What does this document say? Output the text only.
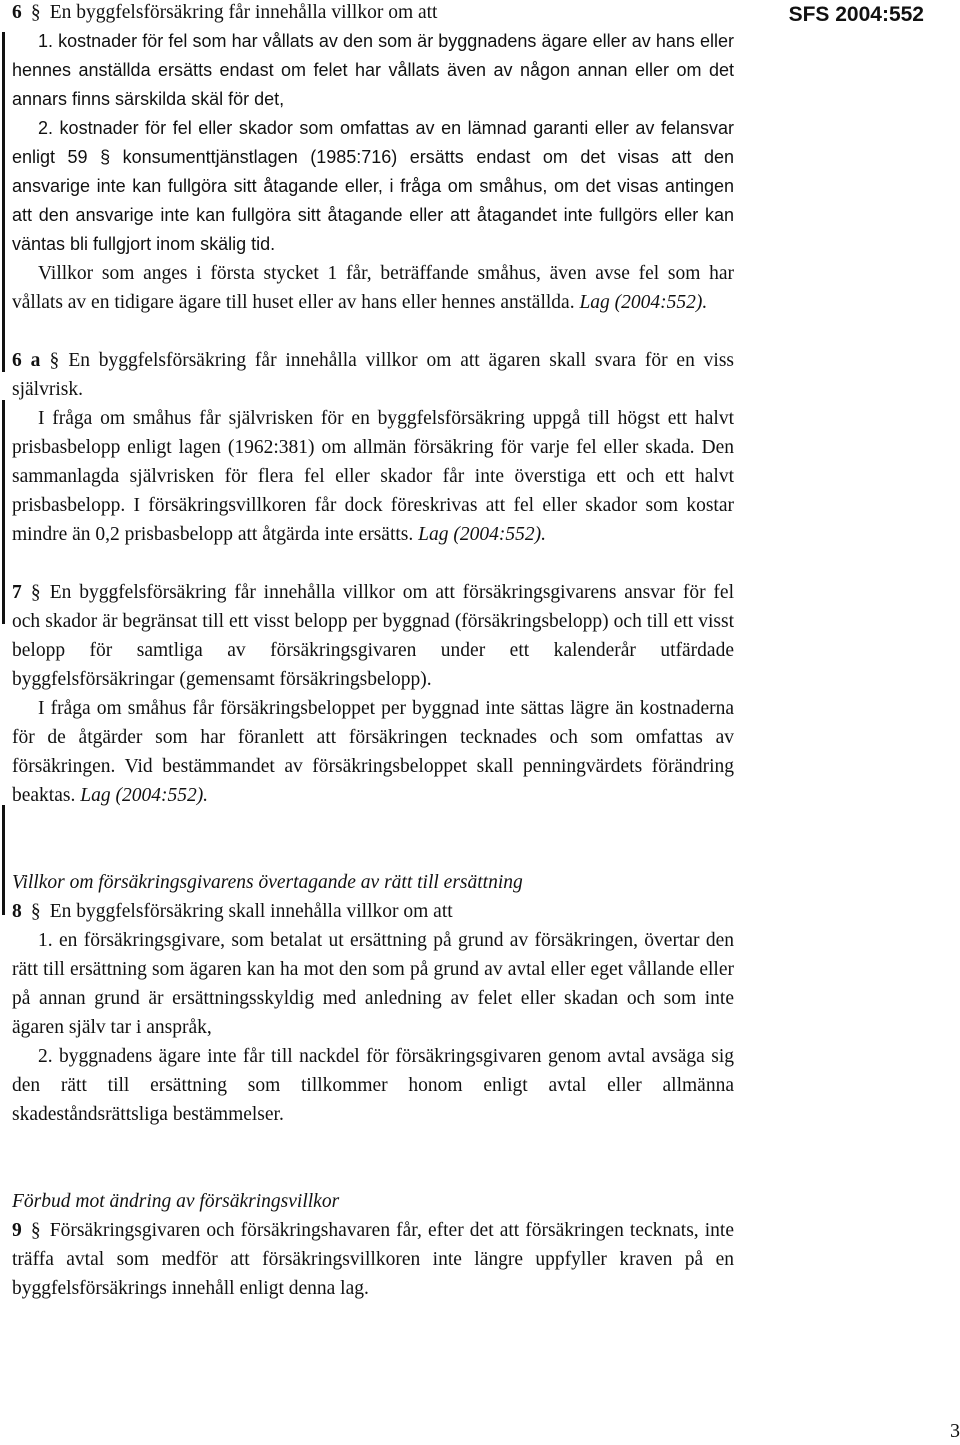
SFS 2004:552

6 § En byggfelsförsäkring får innehålla villkor om att

1. kostnader för fel som har vållats av den som är byggnadens ägare eller av hans eller hennes anställda ersätts endast om felet har vållats även av någon annan eller om det annars finns särskilda skäl för det,

2. kostnader för fel eller skador som omfattas av en lämnad garanti eller av felansvar enligt 59 § konsumenttjänstlagen (1985:716) ersätts endast om det visas att den ansvarige inte kan fullgöra sitt åtagande eller, i fråga om småhus, om det visas antingen att den ansvarige inte kan fullgöra sitt åtagande eller att åtagandet inte fullgörs eller kan väntas bli fullgjort inom skälig tid.

Villkor som anges i första stycket 1 får, beträffande småhus, även avse fel som har vållats av en tidigare ägare till huset eller av hans eller hennes anställda. Lag (2004:552).

6 a § En byggfelsförsäkring får innehålla villkor om att ägaren skall svara för en viss självrisk.

I fråga om småhus får självrisken för en byggfelsförsäkring uppgå till högst ett halvt prisbasbelopp enligt lagen (1962:381) om allmän försäkring för varje fel eller skada. Den sammanlagda självrisken för flera fel eller skador får inte överstiga ett och ett halvt prisbasbelopp. I försäkringsvillkoren får dock föreskrivas att fel eller skador som kostar mindre än 0,2 prisbasbelopp att åtgärda inte ersätts. Lag (2004:552).

7 § En byggfelsförsäkring får innehålla villkor om att försäkringsgivarens ansvar för fel och skador är begränsat till ett visst belopp per byggnad (försäkringsbelopp) och till ett visst belopp för samtliga av försäkringsgivaren under ett kalenderår utfärdade byggfelsförsäkringar (gemensamt försäkringsbelopp).

I fråga om småhus får försäkringsbeloppet per byggnad inte sättas lägre än kostnaderna för de åtgärder som har föranlett att försäkringen tecknades och som omfattas av försäkringen. Vid bestämmandet av försäkringsbeloppet skall penningvärdets förändring beaktas. Lag (2004:552).

Villkor om försäkringsgivarens övertagande av rätt till ersättning

8 § En byggfelsförsäkring skall innehålla villkor om att

1. en försäkringsgivare, som betalat ut ersättning på grund av försäkringen, övertar den rätt till ersättning som ägaren kan ha mot den som på grund av avtal eller eget vållande eller på annan grund är ersättningsskyldig med anledning av felet eller skadan och som inte ägaren själv tar i anspråk,

2. byggnadens ägare inte får till nackdel för försäkringsgivaren genom avtal avsäga sig den rätt till ersättning som tillkommer honom enligt avtal eller allmänna skadeståndsrättsliga bestämmelser.

Förbud mot ändring av försäkringsvillkor

9 § Försäkringsgivaren och försäkringshavaren får, efter det att försäkringen tecknats, inte träffa avtal som medför att försäkringsvillkoren inte längre uppfyller kraven på en byggfelsförsäkrings innehåll enligt denna lag.

3
